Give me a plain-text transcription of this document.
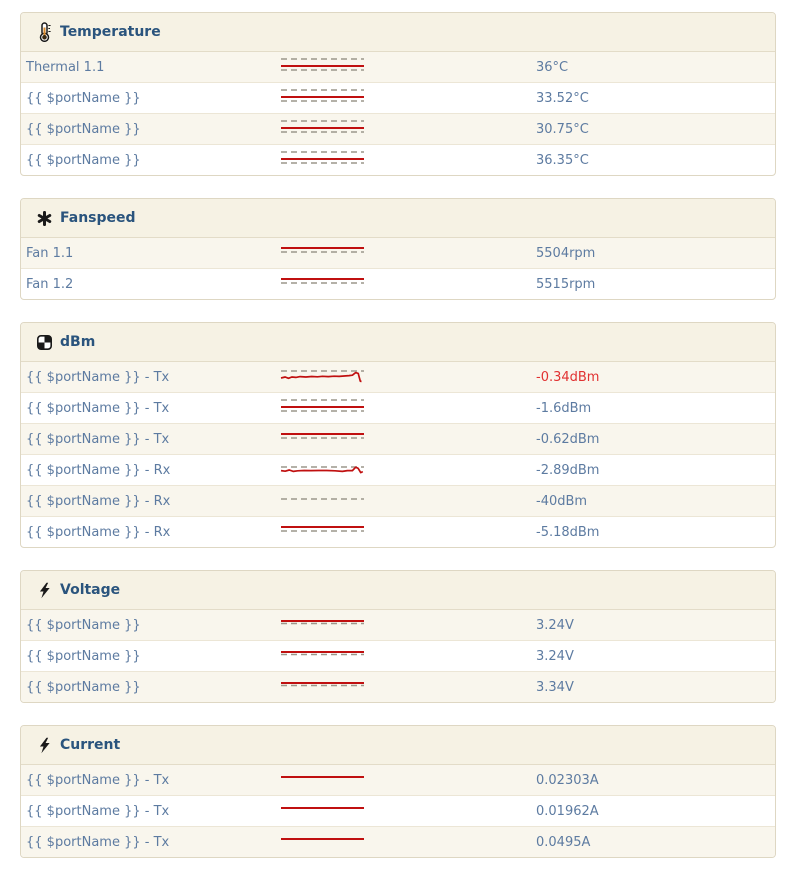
Temperature
Thermal 1.1	36°C
{{ $portName }}	33.52°C
{{ $portName }}	30.75°C
{{ $portName }}	36.35°C
Fanspeed
Fan 1.1	5504rpm
Fan 1.2	5515rpm
dBm
{{ $portName }} - Tx	-0.34dBm
{{ $portName }} - Tx	-1.6dBm
{{ $portName }} - Tx	-0.62dBm
{{ $portName }} - Rx	-2.89dBm
{{ $portName }} - Rx	-40dBm
{{ $portName }} - Rx	-5.18dBm
Voltage
{{ $portName }}	3.24V
{{ $portName }}	3.24V
{{ $portName }}	3.34V
Current
{{ $portName }} - Tx	0.02303A
{{ $portName }} - Tx	0.01962A
{{ $portName }} - Tx	0.0495A
